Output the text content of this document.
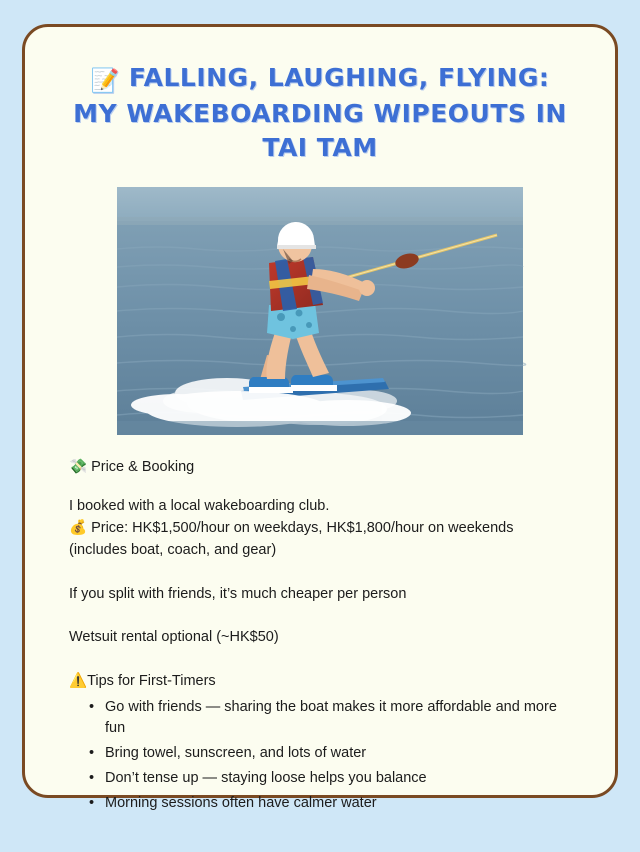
📝 FALLING, LAUGHING, FLYING: MY WAKEBOARDING WIPEOUTS IN TAI TAM
💸 Price & Booking
I booked with a local wakeboarding club.
💰 Price: HK$1,500/hour on weekdays, HK$1,800/hour on weekends
(includes boat, coach, and gear)
If you split with friends, it’s much cheaper per person
Wetsuit rental optional (~HK$50)
⚠️Tips for First-Timers
• Go with friends — sharing the boat makes it more affordable and more fun
• Bring towel, sunscreen, and lots of water
• Don’t tense up — staying loose helps you balance
• Morning sessions often have calmer water
